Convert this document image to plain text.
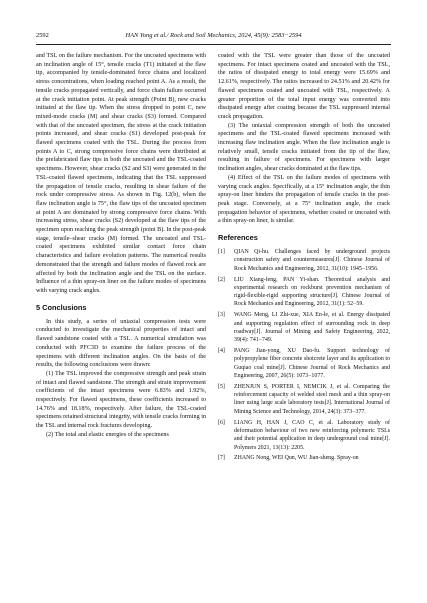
2592	HAN Yong et al./ Rock and Soil Mechanics, 2024, 45(9): 2583−2594

and TSL on the failure mechanism. For the uncoated specimens with an inclination angle of 15°, tensile cracks (T1) initiated at the flaw tip, accompanied by tensile-dominated force chains and localized stress concentrations, when loading reached point A. As a result, the tensile cracks propagated vertically, and force chain failure occurred at the crack initiation point. At peak strength (Point B), new cracks initiated at the flaw tip. When the stress dropped to point C, new mixed-mode cracks (M) and shear cracks (S3) formed. Compared with that of the uncoated specimen, the stress at the crack initiation points increased, and shear cracks (S1) developed post-peak for flawed specimens coated with the TSL. During the process from points A to C, strong compressive force chains were distributed at the prefabricated flaw tips in both the uncoated and the TSL-coated specimens. However, shear cracks (S2 and S3) were generated in the TSL-coated flawed specimens, indicating that the TSL suppressed the propagation of tensile cracks, resulting in shear failure of the rock under compressive stress. As shown in Fig. 12(b), when the flaw inclination angle is 75°, the flaw tips of the uncoated specimen at point A are dominated by strong compressive force chains. With increasing stress, shear cracks (S2) developed at the flaw tips of the specimen upon reaching the peak strength (point B). In the post-peak stage, tensile–shear cracks (M) formed. The uncoated and TSL-coated specimens exhibited similar contact force chain characteristics and failure evolution patterns. The numerical results demonstrated that the strength and failure modes of flawed rock are affected by both the inclination angle and the TSL on the surface. Influence of a thin spray-on liner on the failure modes of specimens with varying crack angles.

5 Conclusions

In this study, a series of uniaxial compression tests were conducted to investigate the mechanical properties of intact and flawed sandstone coated with a TSL. A numerical simulation was conducted with PFC3D to examine the failure process of the specimens with different inclination angles. On the basis of the results, the following conclusions were drawn:

(1) The TSL improved the compressive strength and peak strain of intact and flawed sandstone. The strength and strain improvement coefficients of the intact specimens were 6.83% and 1.92%, respectively. For flawed specimens, these coefficients increased to 14.76% and 18.18%, respectively. After failure, the TSL-coated specimens retained structural integrity, with tensile cracks forming in the TSL and internal rock fractures developing.

(2) The total and elastic energies of the specimens

coated with the TSL were greater than those of the uncoated specimens. For intact specimens coated and uncoated with the TSL, the ratios of dissipated energy to total energy were 15.69% and 12.61%, respectively. The ratios increased to 24.51% and 20.42% for flawed specimens coated and uncoated with TSL, respectively. A greater proportion of the total input energy was converted into dissipated energy after coating because the TSL suppressed internal crack propagation.

(3) The uniaxial compression strength of both the uncoated specimens and the TSL-coated flawed specimens increased with increasing flaw inclination angle. When the flaw inclination angle is relatively small, tensile cracks initiated from the tip of the flaw, resulting in failure of specimens. For specimens with larger inclination angles, shear cracks dominated at the flaw tips.

(4) Effect of the TSL on the failure modes of specimens with varying crack angles. Specifically, at a 15° inclination angle, the thin spray-on liner hinders the propagation of tensile cracks in the post-peak stage. Conversely, at a 75° inclination angle, the crack propagation behavior of specimens, whether coated or uncoated with a thin spray-on liner, is similar.

References
[1]	QIAN Qi-hu. Challenges faced by underground projects construction safety and countermeasures[J]. Chinese Journal of Rock Mechanics and Engineering, 2012, 31(10): 1945−1956.
[2]	LIU Xiang-feng, PAN Yi-shan. Theoretical analysis and experimental research on rockburst prevention mechanism of rigid-flexible-rigid supporting structure[J]. Chinese Journal of Rock Mechanics and Engineering, 2012, 31(1): 52−59.
[3]	WANG Meng, LI Zhi-xue, XIA En-le, et al. Energy dissipated and supporting regulation effect of surrounding rock in deep roadway[J]. Journal of Mining and Safety Engineering, 2022, 39(4): 741−749.
[4]	PANG Jian-yong, XU Dao-fu. Support technology of polypropylene fiber concrete shotcrete layer and its application to Guqiao coal mine[J]. Chinese Journal of Rock Mechanics and Engineering, 2007, 26(5): 1073−1077.
[5]	ZHENJUN S, PORTER I, NEMCIK J, et al. Comparing the reinforcement capacity of welded steel mesh and a thin spray-on liner using large scale laboratory tests[J]. International Journal of Mining Science and Technology, 2014, 24(3): 373−377.
[6]	LIANG H, HAN J, CAO C, et al. Laboratory study of deformation behaviour of two new reinforcing polymeric TSLs and their potential application in deep underground coal mine[J]. Polymers 2021, 13(13): 2205.
[7]	ZHANG Nong, WEI Qun, WU Jian-sheng. Spray-on
